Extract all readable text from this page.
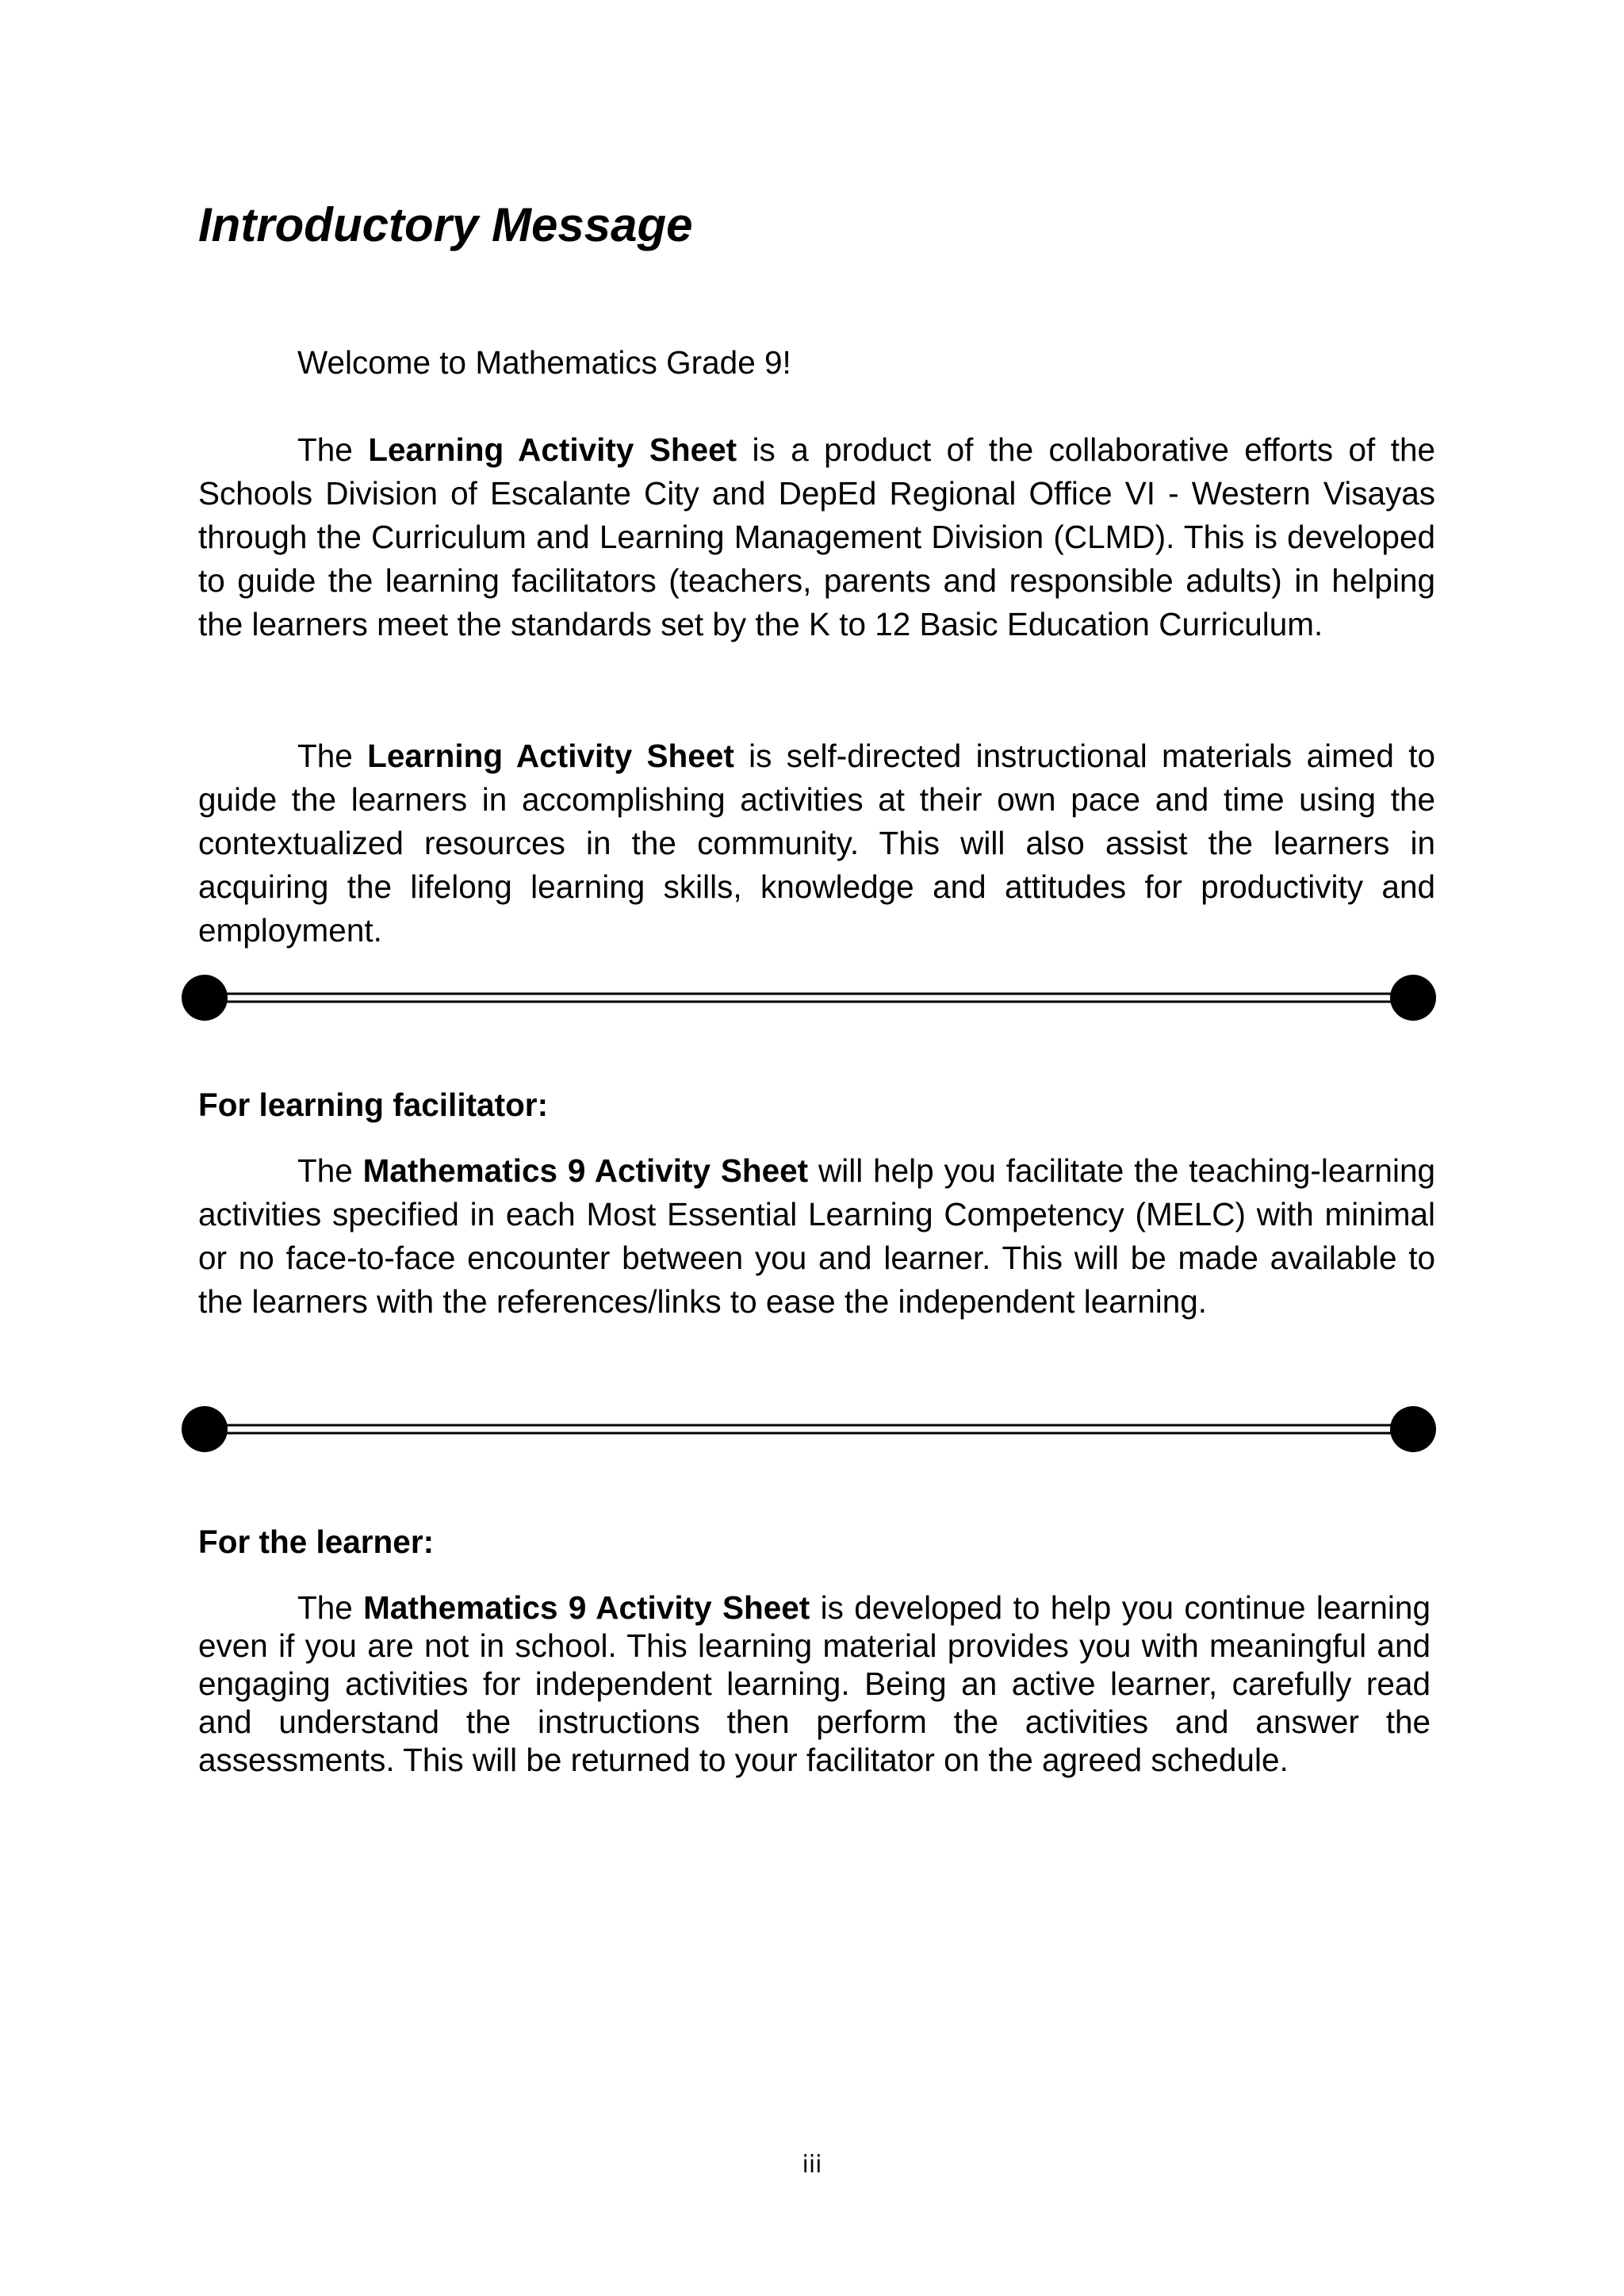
Introductory Message

Welcome to Mathematics Grade 9!

The Learning Activity Sheet is a product of the collaborative efforts of the Schools Division of Escalante City and DepEd Regional Office VI - Western Visayas through the Curriculum and Learning Management Division (CLMD). This is developed to guide the learning facilitators (teachers, parents and responsible adults) in helping the learners meet the standards set by the K to 12 Basic Education Curriculum.

The Learning Activity Sheet is self-directed instructional materials aimed to guide the learners in accomplishing activities at their own pace and time using the contextualized resources in the community. This will also assist the learners in acquiring the lifelong learning skills, knowledge and attitudes for productivity and employment.

For learning facilitator:

The Mathematics 9 Activity Sheet will help you facilitate the teaching-learning activities specified in each Most Essential Learning Competency (MELC) with minimal or no face-to-face encounter between you and learner. This will be made available to the learners with the references/links to ease the independent learning.

For the learner:

The Mathematics 9 Activity Sheet is developed to help you continue learning even if you are not in school. This learning material provides you with meaningful and engaging activities for independent learning. Being an active learner, carefully read and understand the instructions then perform the activities and answer the assessments. This will be returned to your facilitator on the agreed schedule.

iii
